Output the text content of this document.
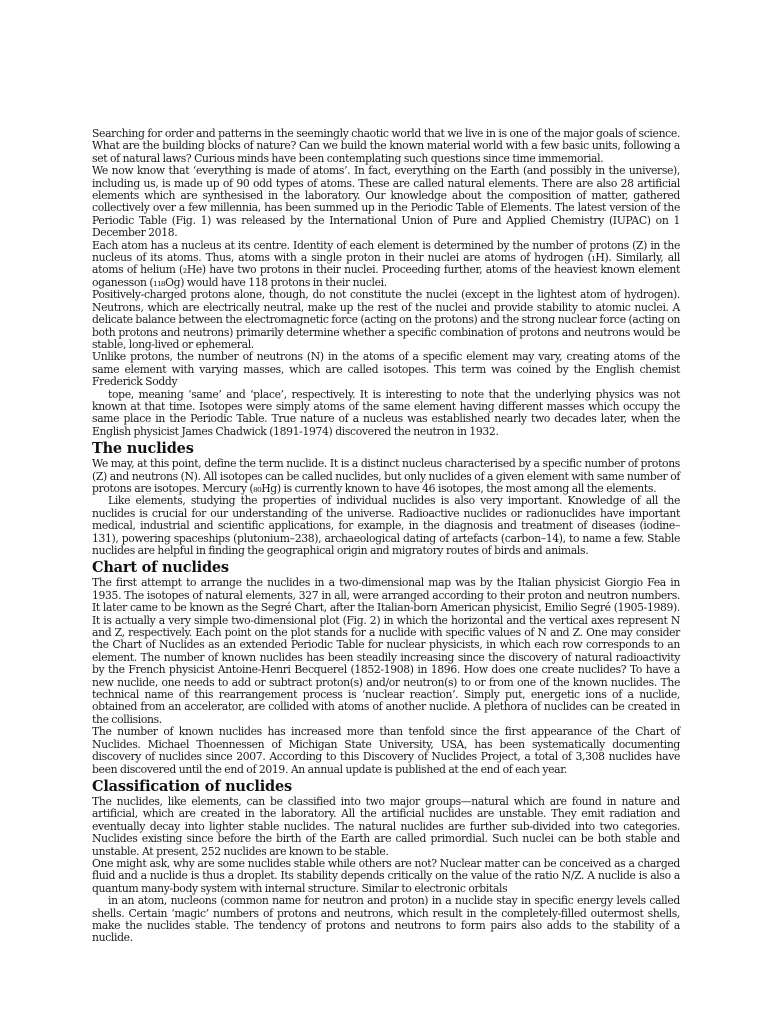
Searching for order and patterns in the seemingly chaotic world that we live in is one of the major goals of science. What are the building blocks of nature? Can we build the known material world with a few basic units, following a set of natural laws? Curious minds have been contemplating such questions since time immemorial.

We now know that ‘everything is made of atoms’. In fact, everything on the Earth (and possibly in the universe), including us, is made up of 90 odd types of atoms. These are called natural elements. There are also 28 artificial elements which are synthesised in the laboratory. Our knowledge about the composition of matter, gathered collectively over a few millennia, has been summed up in the Periodic Table of Elements. The latest version of the Periodic Table (Fig. 1) was released by the International Union of Pure and Applied Chemistry (IUPAC) on 1 December 2018.

Each atom has a nucleus at its centre. Identity of each element is determined by the number of protons (Z) in the nucleus of its atoms. Thus, atoms with a single proton in their nuclei are atoms of hydrogen (₁H). Similarly, all atoms of helium (₂He) have two protons in their nuclei. Proceeding further, atoms of the heaviest known element oganesson (₁₁₈Og) would have 118 protons in their nuclei.

Positively-charged protons alone, though, do not constitute the nuclei (except in the lightest atom of hydrogen). Neutrons, which are electrically neutral, make up the rest of the nuclei and provide stability to atomic nuclei. A delicate balance between the electromagnetic force (acting on the protons) and the strong nuclear force (acting on both protons and neutrons) primarily determine whether a specific combination of protons and neutrons would be stable, long-lived or ephemeral.

Unlike protons, the number of neutrons (N) in the atoms of a specific element may vary, creating atoms of the same element with varying masses, which are called isotopes. This term was coined by the English chemist Frederick Soddy

tope, meaning ‘same’ and ‘place’, respectively. It is interesting to note that the underlying physics was not known at that time. Isotopes were simply atoms of the same element having different masses which occupy the same place in the Periodic Table. True nature of a nucleus was established nearly two decades later, when the English physicist James Chadwick (1891-1974) discovered the neutron in 1932.

The nuclides

We may, at this point, define the term nuclide. It is a distinct nucleus characterised by a specific number of protons (Z) and neutrons (N). All isotopes can be called nuclides, but only nuclides of a given element with same number of protons are isotopes. Mercury (₈₀Hg) is currently known to have 46 isotopes, the most among all the elements.

Like elements, studying the properties of individual nuclides is also very important. Knowledge of all the nuclides is crucial for our understanding of the universe. Radioactive nuclides or radionuclides have important medical, industrial and scientific applications, for example, in the diagnosis and treatment of diseases (iodine–131), powering spaceships (plutonium–238), archaeological dating of artefacts (carbon–14), to name a few. Stable nuclides are helpful in finding the geographical origin and migratory routes of birds and animals.

Chart of nuclides

The first attempt to arrange the nuclides in a two-dimensional map was by the Italian physicist Giorgio Fea in 1935. The isotopes of natural elements, 327 in all, were arranged according to their proton and neutron numbers. It later came to be known as the Segré Chart, after the Italian-born American physicist, Emilio Segré (1905-1989). It is actually a very simple two-dimensional plot (Fig. 2) in which the horizontal and the vertical axes represent N and Z, respectively. Each point on the plot stands for a nuclide with specific values of N and Z. One may consider the Chart of Nuclides as an extended Periodic Table for nuclear physicists, in which each row corresponds to an element. The number of known nuclides has been steadily increasing since the discovery of natural radioactivity by the French physicist Antoine-Henri Becquerel (1852-1908) in 1896. How does one create nuclides? To have a new nuclide, one needs to add or subtract proton(s) and/or neutron(s) to or from one of the known nuclides. The technical name of this rearrangement process is ‘nuclear reaction’. Simply put, energetic ions of a nuclide, obtained from an accelerator, are collided with atoms of another nuclide. A plethora of nuclides can be created in the collisions.

The number of known nuclides has increased more than tenfold since the first appearance of the Chart of Nuclides. Michael Thoennessen of Michigan State University, USA, has been systematically documenting discovery of nuclides since 2007. According to this Discovery of Nuclides Project, a total of 3,308 nuclides have been discovered until the end of 2019. An annual update is published at the end of each year.

Classification of nuclides

The nuclides, like elements, can be classified into two major groups—natural which are found in nature and artificial, which are created in the laboratory. All the artificial nuclides are unstable. They emit radiation and eventually decay into lighter stable nuclides. The natural nuclides are further sub-divided into two categories. Nuclides existing since before the birth of the Earth are called primordial. Such nuclei can be both stable and unstable. At present, 252 nuclides are known to be stable.

One might ask, why are some nuclides stable while others are not? Nuclear matter can be conceived as a charged fluid and a nuclide is thus a droplet. Its stability depends critically on the value of the ratio N/Z. A nuclide is also a quantum many-body system with internal structure. Similar to electronic orbitals

in an atom, nucleons (common name for neutron and proton) in a nuclide stay in specific energy levels called shells. Certain ‘magic’ numbers of protons and neutrons, which result in the completely-filled outermost shells, make the nuclides stable. The tendency of protons and neutrons to form pairs also adds to the stability of a nuclide.
